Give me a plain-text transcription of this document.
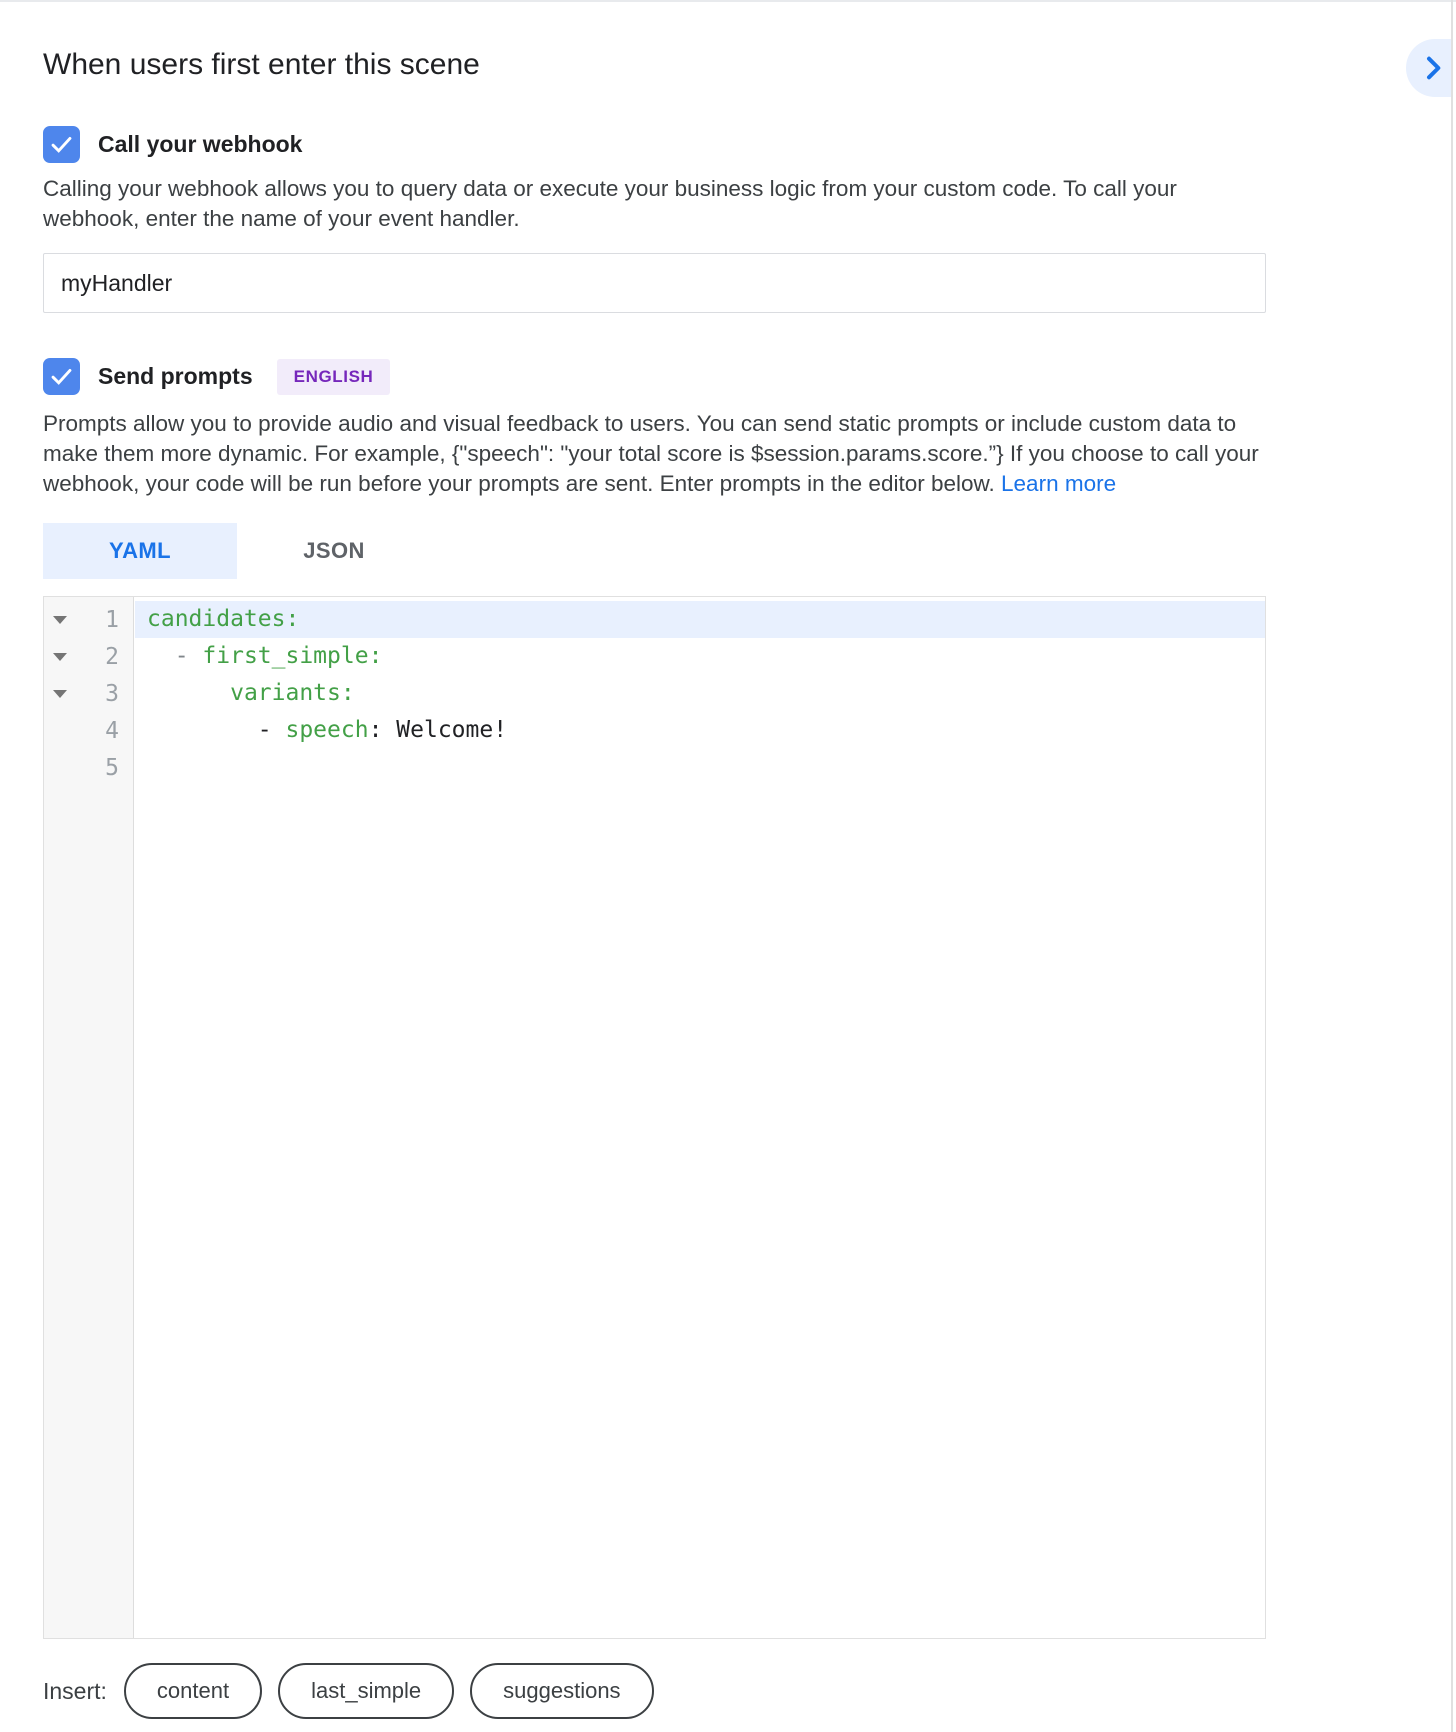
When users first enter this scene
Call your webhook

Calling your webhook allows you to query data or execute your business logic from your custom code. To call your webhook, enter the name of your event handler.

myHandler
Send prompts	ENGLISH

Prompts allow you to provide audio and visual feedback to users. You can send static prompts or include custom data to make them more dynamic. For example, {"speech": "your total score is $session.params.score.”} If you choose to call your webhook, your code will be run before your prompts are sent. Enter prompts in the editor below. Learn more

YAML	JSON
1
2
3
4
5
candidates:
- first_simple:
variants:
- speech: Welcome!
Insert:	content	last_simple	suggestions
